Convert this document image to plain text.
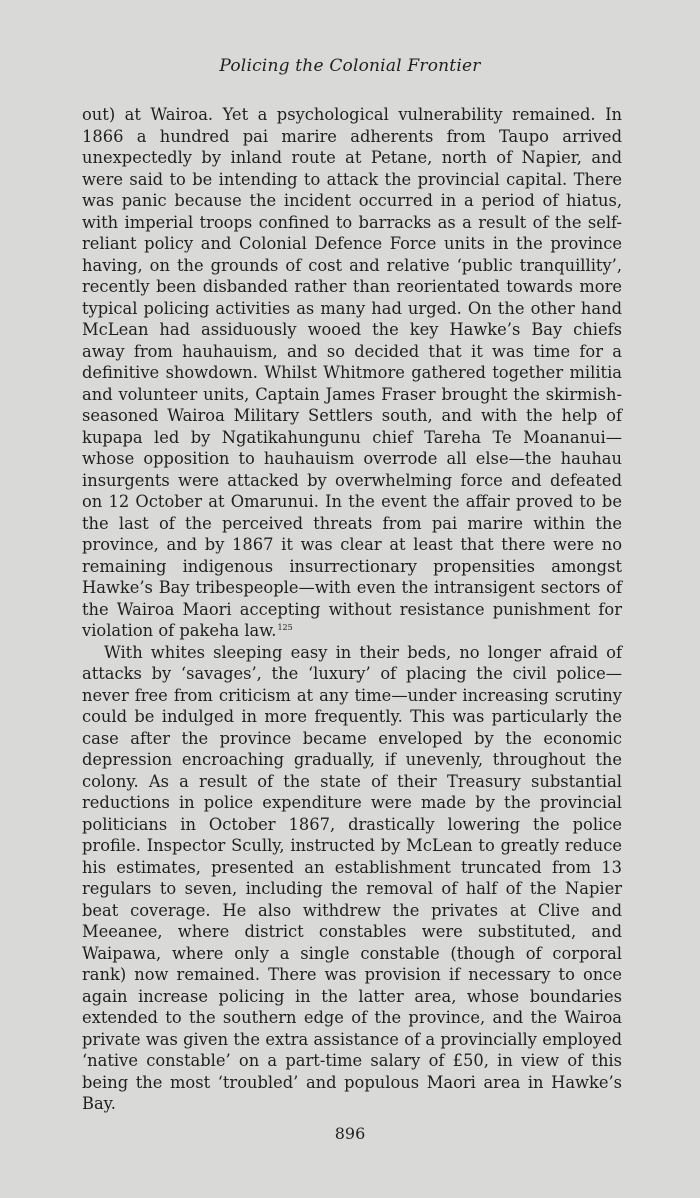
Policing the Colonial Frontier

out) at Wairoa. Yet a psychological vulnerability remained. In 1866 a hundred pai marire adherents from Taupo arrived unexpectedly by inland route at Petane, north of Napier, and were said to be intending to attack the provincial capital. There was panic because the incident occurred in a period of hiatus, with imperial troops confined to barracks as a result of the self-reliant policy and Colonial Defence Force units in the province having, on the grounds of cost and relative ‘public tranquillity’, recently been disbanded rather than reorientated towards more typical policing activities as many had urged. On the other hand McLean had assiduously wooed the key Hawke’s Bay chiefs away from hauhauism, and so decided that it was time for a definitive showdown. Whilst Whitmore gathered together militia and volunteer units, Captain James Fraser brought the skirmish-seasoned Wairoa Military Settlers south, and with the help of kupapa led by Ngatikahungunu chief Tareha Te Moananui—whose opposition to hauhauism overrode all else—the hauhau insurgents were attacked by overwhelming force and defeated on 12 October at Omarunui. In the event the affair proved to be the last of the perceived threats from pai marire within the province, and by 1867 it was clear at least that there were no remaining indigenous insurrectionary propensities amongst Hawke’s Bay tribespeople—with even the intransigent sectors of the Wairoa Maori accepting without resistance punishment for violation of pakeha law.$^{125}$

With whites sleeping easy in their beds, no longer afraid of attacks by ‘savages’, the ‘luxury’ of placing the civil police—never free from criticism at any time—under increasing scrutiny could be indulged in more frequently. This was particularly the case after the province became enveloped by the economic depression encroaching gradually, if unevenly, throughout the colony. As a result of the state of their Treasury substantial reductions in police expenditure were made by the provincial politicians in October 1867, drastically lowering the police profile. Inspector Scully, instructed by McLean to greatly reduce his estimates, presented an establishment truncated from 13 regulars to seven, including the removal of half of the Napier beat coverage. He also withdrew the privates at Clive and Meeanee, where district constables were substituted, and Waipawa, where only a single constable (though of corporal rank) now remained. There was provision if necessary to once again increase policing in the latter area, whose boundaries extended to the southern edge of the province, and the Wairoa private was given the extra assistance of a provincially employed ‘native constable’ on a part-time salary of £50, in view of this being the most ‘troubled’ and populous Maori area in Hawke’s Bay.

896
